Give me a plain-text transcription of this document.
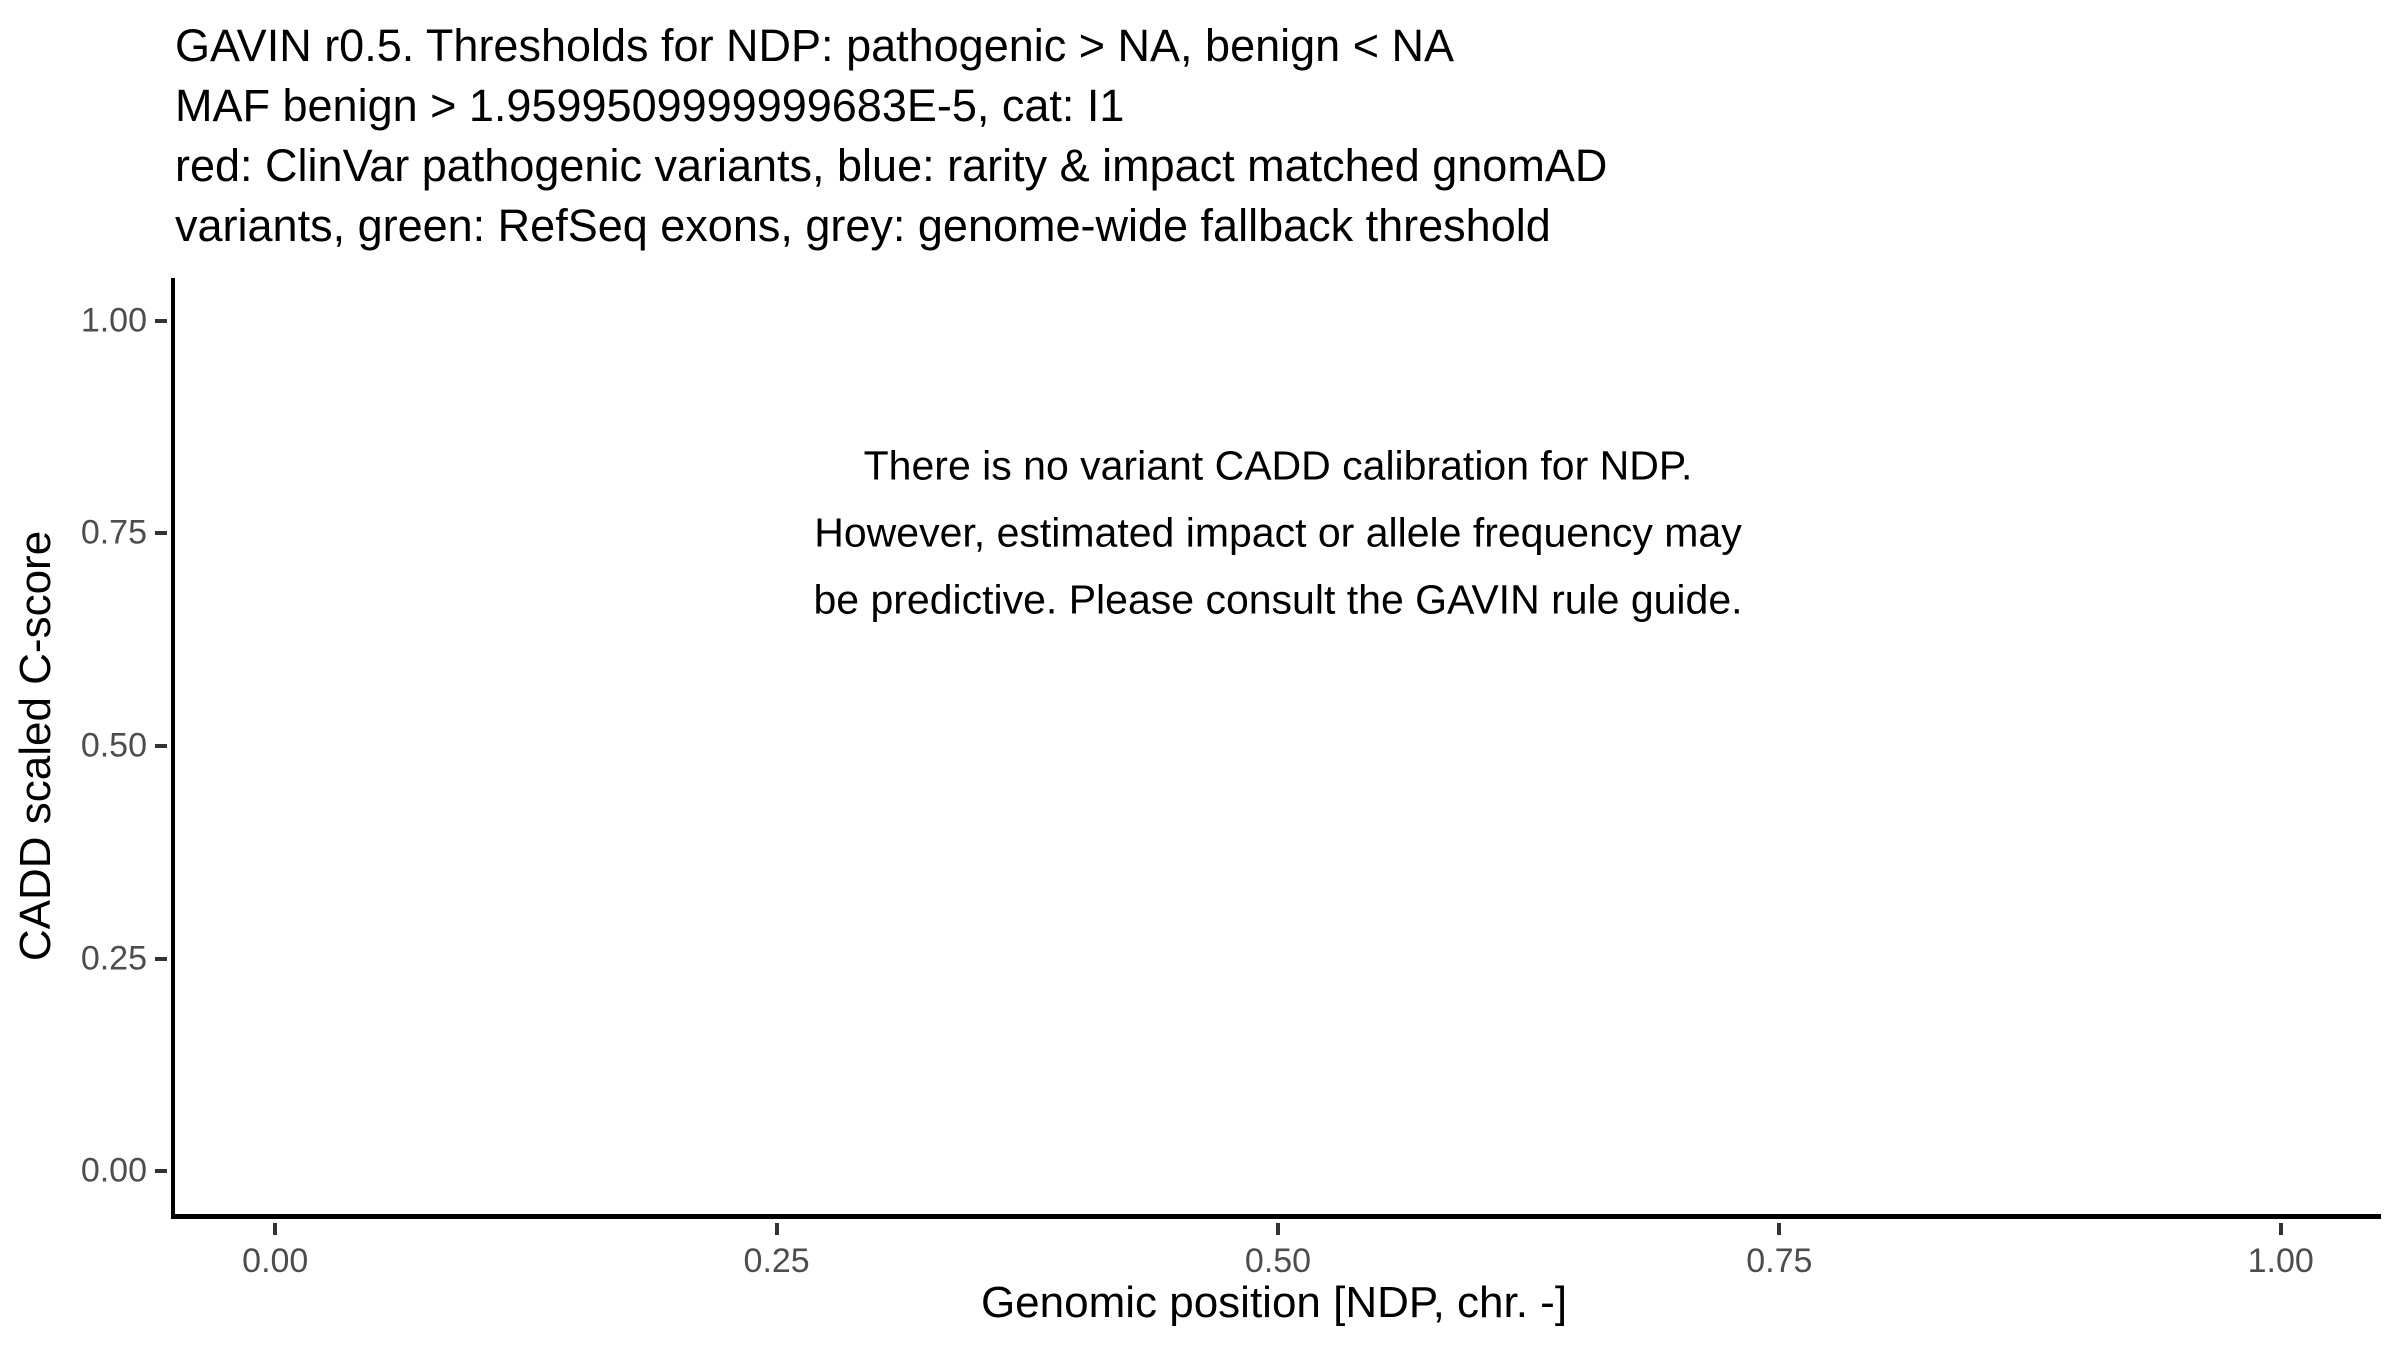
GAVIN r0.5. Thresholds for NDP: pathogenic > NA, benign < NA
MAF benign > 1.9599509999999683E-5, cat: I1
red: ClinVar pathogenic variants, blue: rarity & impact matched gnomAD
variants, green: RefSeq exons, grey: genome-wide fallback threshold
There is no variant CADD calibration for NDP.
However, estimated impact or allele frequency may
be predictive. Please consult the GAVIN rule guide.
0.00	0.25	0.50	0.75	1.00
0.00
0.25
0.50
0.75
1.00
Genomic position [NDP, chr. -]
CADD scaled C-score
